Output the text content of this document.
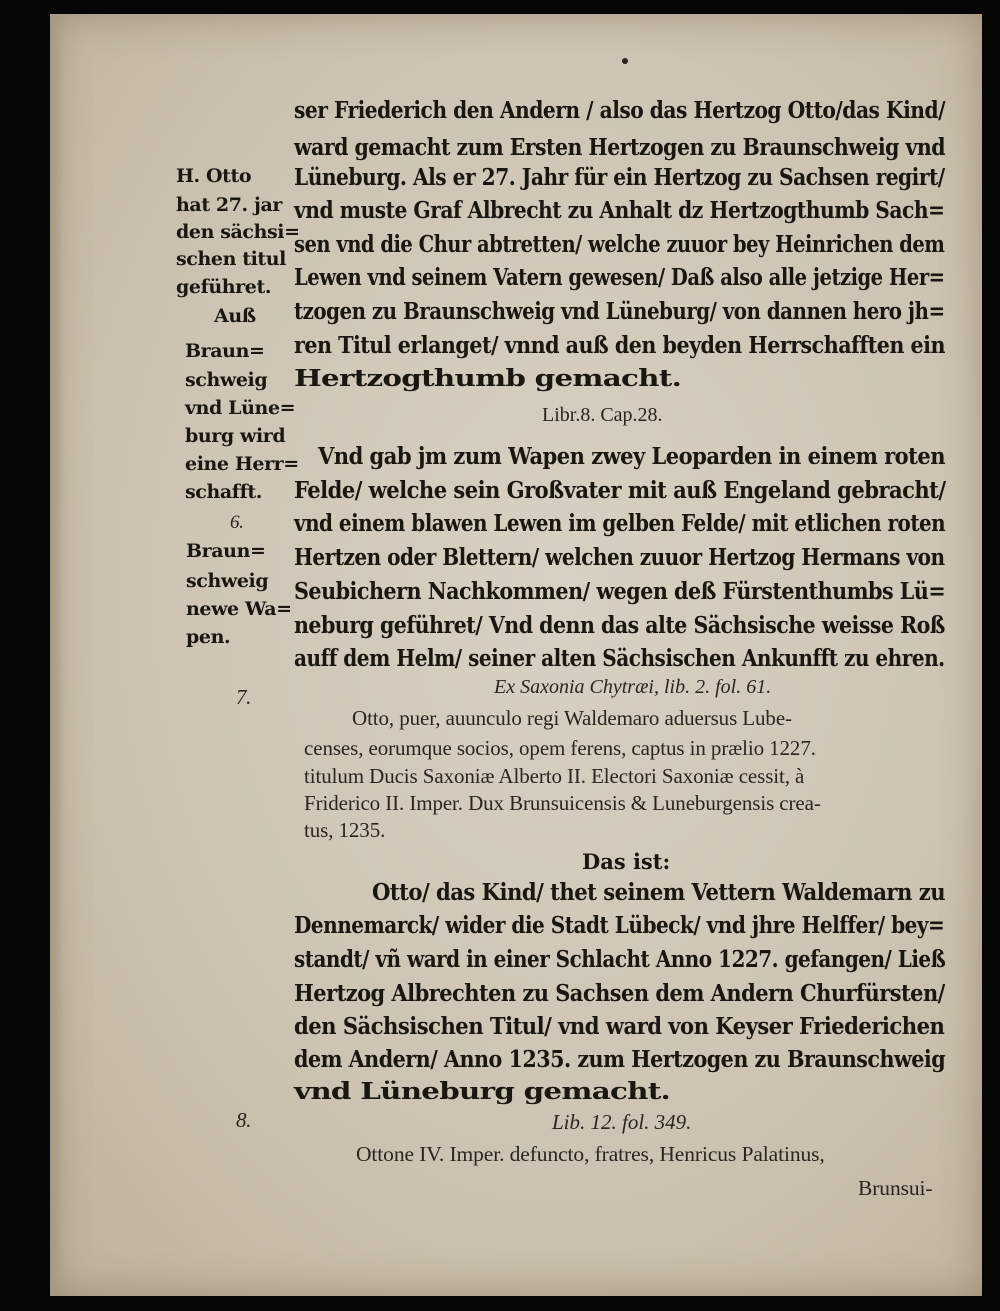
ser Friederich den Andern / also das Hertzog Otto/das Kind/
ward gemacht zum Ersten Hertzogen zu Braunschweig vnd
Lüneburg. Als er 27. Jahr für ein Hertzog zu Sachsen regirt/
vnd muste Graf Albrecht zu Anhalt dz Hertzogthumb Sach=
sen vnd die Chur abtretten/ welche zuuor bey Heinrichen dem
Lewen vnd seinem Vatern gewesen/ Daß also alle jetzige Her=
tzogen zu Braunschweig vnd Lüneburg/ von dannen hero jh=
ren Titul erlanget/ vnnd auß den beyden Herrschafften ein
Hertzogthumb gemacht.
Libr.8. Cap.28.
Vnd gab jm zum Wapen zwey Leoparden in einem roten
Felde/ welche sein Großvater mit auß Engeland gebracht/
vnd einem blawen Lewen im gelben Felde/ mit etlichen roten
Hertzen oder Blettern/ welchen zuuor Hertzog Hermans von
Seubichern Nachkommen/ wegen deß Fürstenthumbs Lü=
neburg geführet/ Vnd denn das alte Sächsische weisse Roß
auff dem Helm/ seiner alten Sächsischen Ankunfft zu ehren.
Ex Saxonia Chytræi, lib. 2. fol. 61.
Otto, puer, auunculo regi Waldemaro aduersus Lube-
censes, eorumque socios, opem ferens, captus in prælio 1227.
titulum Ducis Saxoniæ Alberto II. Electori Saxoniæ cessit, à
Friderico II. Imper. Dux Brunsuicensis & Luneburgensis crea-
tus, 1235.
Das ist:
Otto/ das Kind/ thet seinem Vettern Waldemarn zu
Dennemarck/ wider die Stadt Lübeck/ vnd jhre Helffer/ bey=
standt/ vñ ward in einer Schlacht Anno 1227. gefangen/ Ließ
Hertzog Albrechten zu Sachsen dem Andern Churfürsten/
den Sächsischen Titul/ vnd ward von Keyser Friederichen
dem Andern/ Anno 1235. zum Hertzogen zu Braunschweig
vnd Lüneburg gemacht.
Lib. 12. fol. 349.
Ottone IV. Imper. defuncto, fratres, Henricus Palatinus,
Brunsui-
H. Otto
hat 27. jar
den sächsi=
schen titul
geführet.
Auß
Braun=
schweig
vnd Lüne=
burg wird
eine Herr=
schafft.
6.
Braun=
schweig
newe Wa=
pen.
7.
8.
